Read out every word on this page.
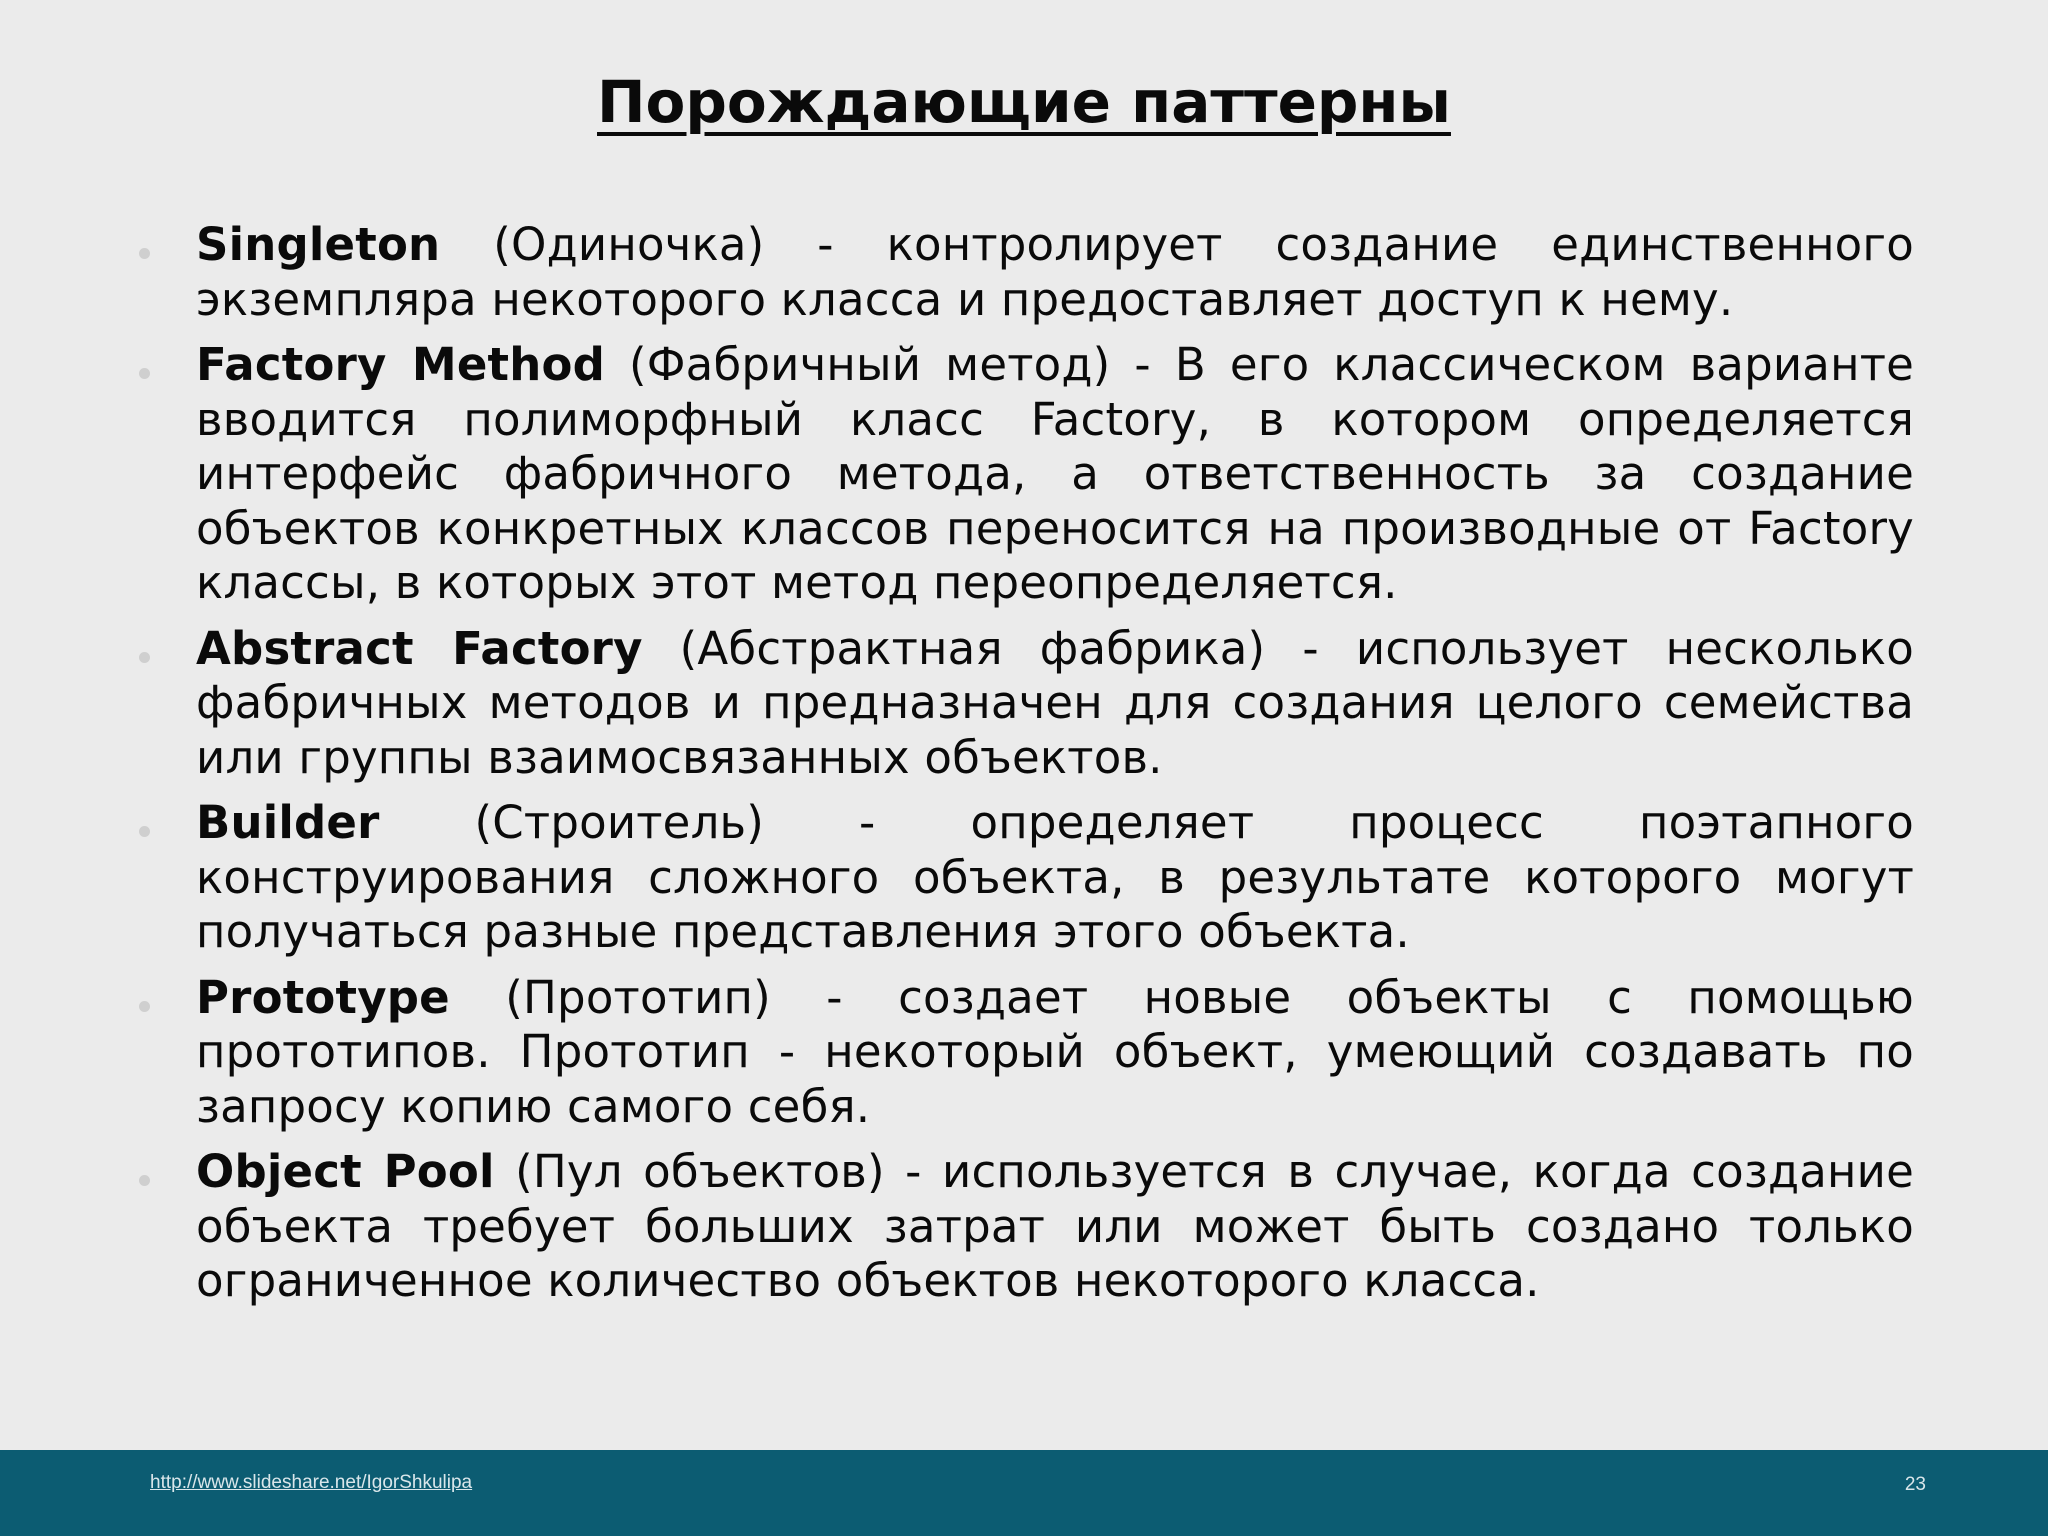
Порождающие паттерны

Singleton (Одиночка) - контролирует создание единственного экземпляра некоторого класса и предоставляет доступ к нему.

Factory Method (Фабричный метод) - В его классическом варианте вводится полиморфный класс Factory, в котором определяется интерфейс фабричного метода, а ответственность за создание объектов конкретных классов переносится на производные от Factory классы, в которых этот метод переопределяется.

Abstract Factory (Абстрактная фабрика) - использует несколько фабричных методов и предназначен для создания целого семейства или группы взаимосвязанных объектов.

Builder (Строитель) - определяет процесс поэтапного конструирования сложного объекта, в результате которого могут получаться разные представления этого объекта.

Prototype (Прототип) - создает новые объекты с помощью прототипов. Прототип - некоторый объект, умеющий создавать по запросу копию самого себя.

Object Pool (Пул объектов) - используется в случае, когда создание объекта требует больших затрат или может быть создано только ограниченное количество объектов некоторого класса.

http://www.slideshare.net/IgorShkulipa	23
